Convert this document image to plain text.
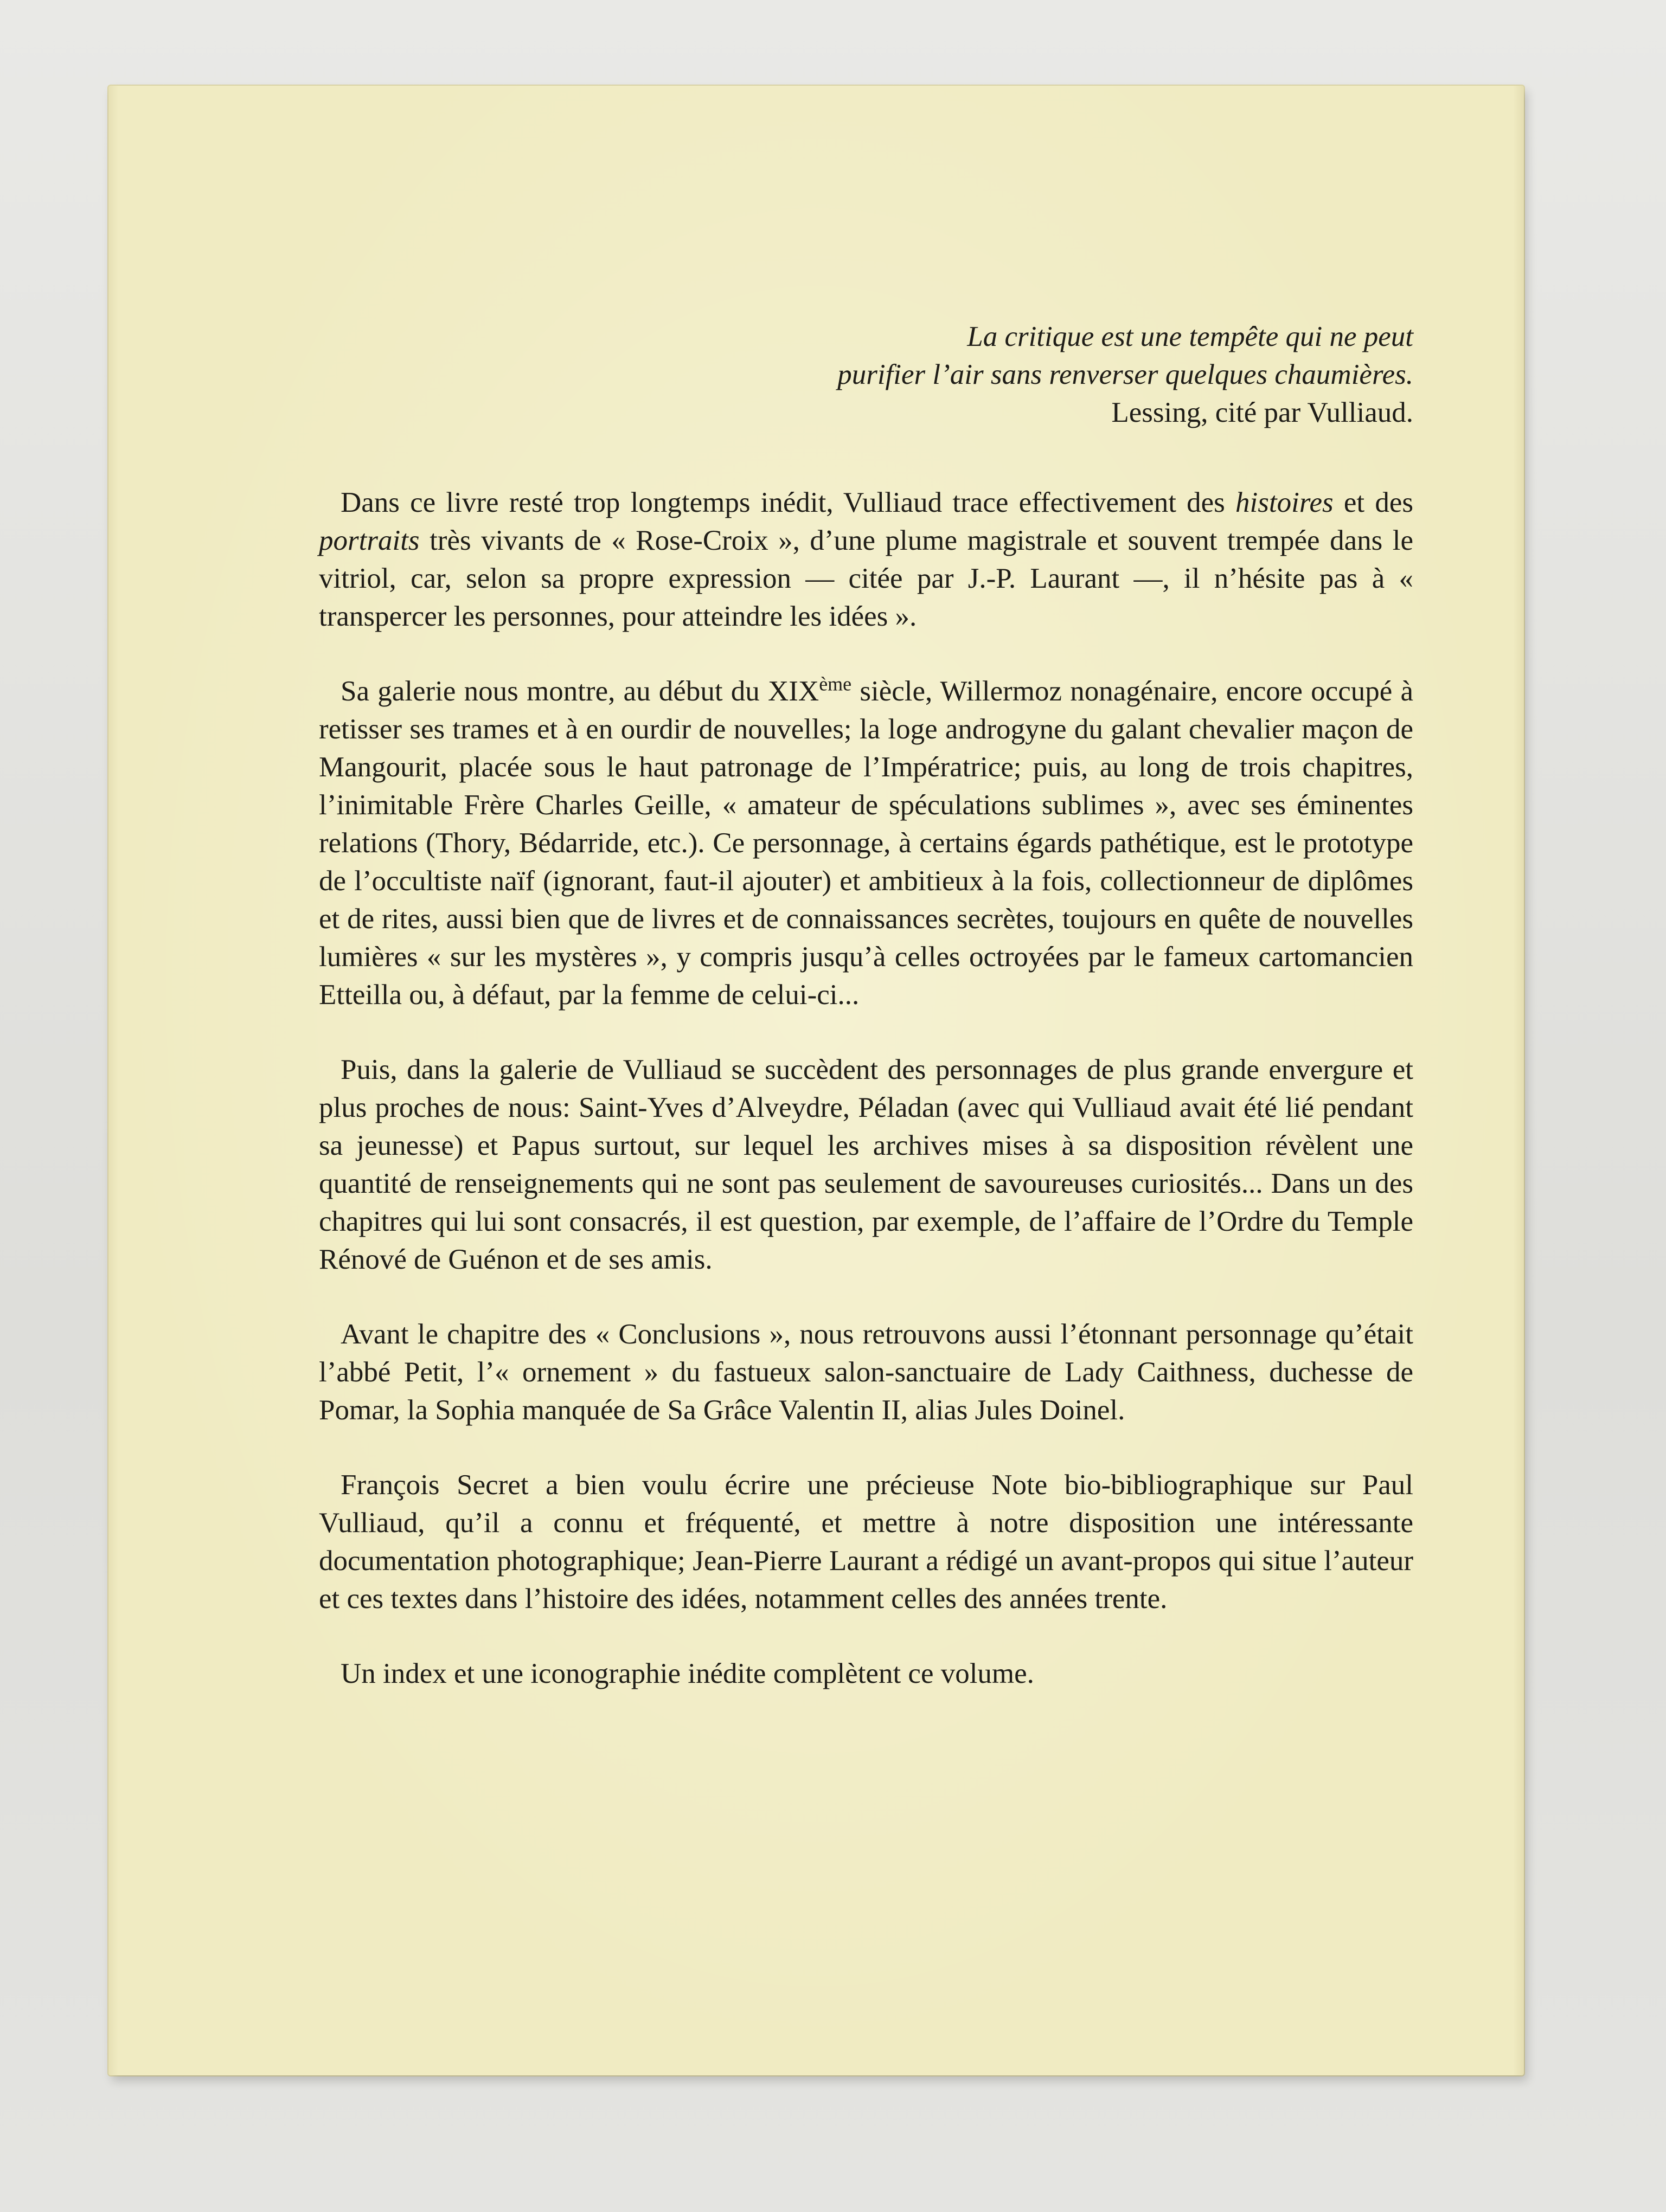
La critique est une tempête qui ne peut
purifier l’air sans renverser quelques chaumières.
Lessing, cité par Vulliaud.

Dans ce livre resté trop longtemps inédit, Vulliaud trace effectivement des histoires et des portraits très vivants de « Rose-Croix », d’une plume magistrale et souvent trempée dans le vitriol, car, selon sa propre expression — citée par J.-P. Laurant —, il n’hésite pas à « transpercer les personnes, pour atteindre les idées ».

Sa galerie nous montre, au début du XIXème siècle, Willermoz nonagénaire, encore occupé à retisser ses trames et à en ourdir de nouvelles; la loge androgyne du galant chevalier maçon de Mangourit, placée sous le haut patronage de l’Impératrice; puis, au long de trois chapitres, l’inimitable Frère Charles Geille, « amateur de spéculations sublimes », avec ses éminentes relations (Thory, Bédarride, etc.). Ce personnage, à certains égards pathétique, est le prototype de l’occultiste naïf (ignorant, faut-il ajouter) et ambitieux à la fois, collectionneur de diplômes et de rites, aussi bien que de livres et de connaissances secrètes, toujours en quête de nouvelles lumières « sur les mystères », y compris jusqu’à celles octroyées par le fameux cartomancien Etteilla ou, à défaut, par la femme de celui-ci...

Puis, dans la galerie de Vulliaud se succèdent des personnages de plus grande envergure et plus proches de nous: Saint-Yves d’Alveydre, Péladan (avec qui Vulliaud avait été lié pendant sa jeunesse) et Papus surtout, sur lequel les archives mises à sa disposition révèlent une quantité de renseignements qui ne sont pas seulement de savoureuses curiosités... Dans un des chapitres qui lui sont consacrés, il est question, par exemple, de l’affaire de l’Ordre du Temple Rénové de Guénon et de ses amis.

Avant le chapitre des « Conclusions », nous retrouvons aussi l’étonnant personnage qu’était l’abbé Petit, l’« ornement » du fastueux salon-sanctuaire de Lady Caithness, duchesse de Pomar, la Sophia manquée de Sa Grâce Valentin II, alias Jules Doinel.

François Secret a bien voulu écrire une précieuse Note bio-bibliographique sur Paul Vulliaud, qu’il a connu et fréquenté, et mettre à notre disposition une intéressante documentation photographique; Jean-Pierre Laurant a rédigé un avant-propos qui situe l’auteur et ces textes dans l’histoire des idées, notamment celles des années trente.

Un index et une iconographie inédite complètent ce volume.
